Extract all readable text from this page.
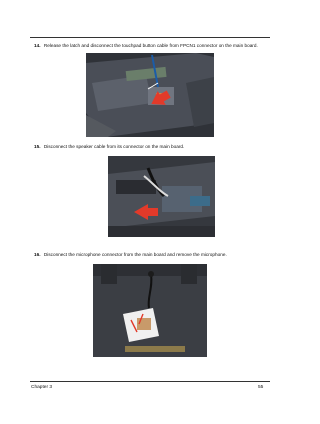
14. Release the latch and disconnect the touchpad button cable from FPCN1 connector on the main board.
15. Disconnect the speaker cable from its connector on the main board.
16. Disconnect the microphone connector from the main board and remove the microphone.
Chapter 3	55
